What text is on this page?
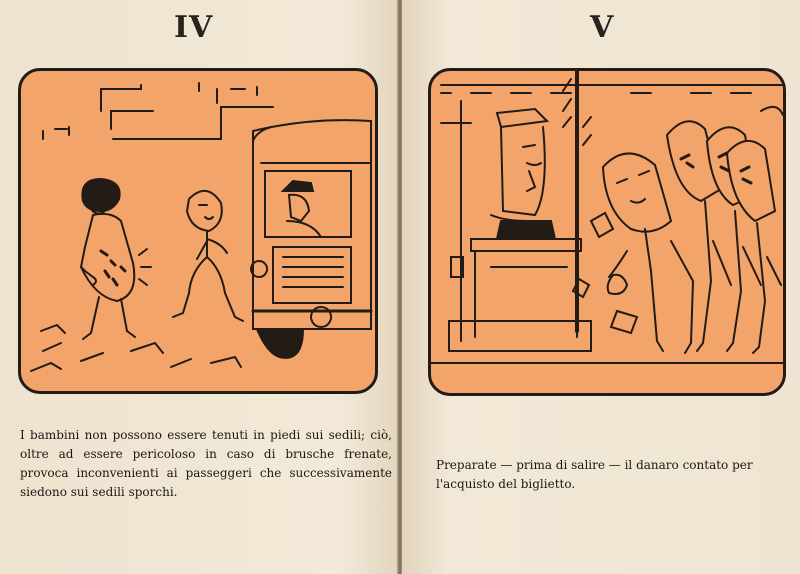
IV

I bambini non possono essere tenuti in piedi sui sedili; ciò, oltre ad essere pericoloso in caso di brusche frenate, provoca inconvenienti ai passeggeri che successivamente siedono sui sedili sporchi.

V

Preparate — prima di salire — il danaro contato per l'acquisto del biglietto.
